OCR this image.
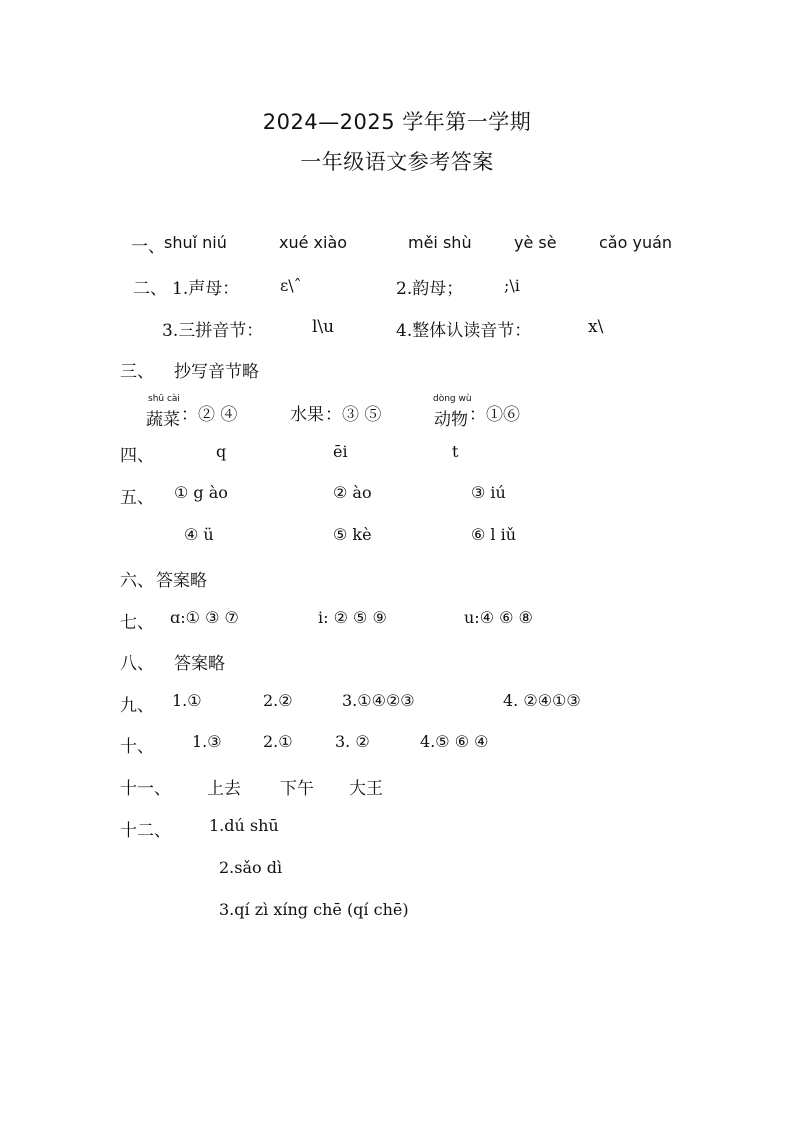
2024—2025 学年第一学期
一年级语文参考答案
一、 shuǐ niú	xué xiào	měi shù	yè sè	cǎo yuán
二、 1.声母：	ɛ\ˆ	2.韵母；	;\i
3.三拼音节：	l\u	4.整体认读音节：	x\
三、 抄写音节略
shū cài
蔬菜 ：② ④	水果 ：③ ⑤
dòng wù
动物 ：①⑥
四、	q	ēi	t
五、 ① g ào	② ào	③ iú
④ ü	⑤ kè	⑥ l iǔ
六、 答案略
七、 ɑ:① ③ ⑦	i: ② ⑤ ⑨	u:④ ⑥ ⑧
八、 答案略
九、 1.①	2.②	3.①④②③	4. ②④①③
十、 1.③	2.①	3. ②	4.⑤ ⑥ ④
十一、 上去 下午 大王
十二、 1.dú shū
2.sǎo dì
3.qí zì xíng chē (qí chē)
